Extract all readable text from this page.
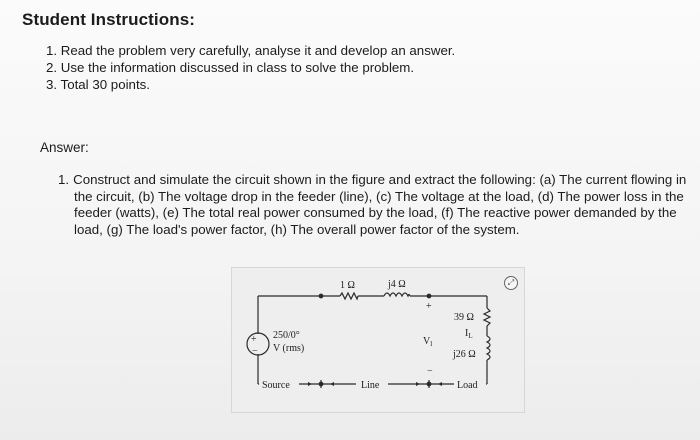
Student Instructions:
1. Read the problem very carefully, analyse it and develop an answer.
2. Use the information discussed in class to solve the problem.
3. Total 30 points.
Answer:
1. Construct and simulate the circuit shown in the figure and extract the following: (a) The current flowing in
the circuit, (b) The voltage drop in the feeder (line), (c) The voltage at the load, (d) The power loss in the
feeder (watts), (e) The total real power consumed by the load, (f) The reactive power demanded by the
load, (g) The load's power factor, (h) The overall power factor of the system.
+
−
250/0°
V (rms)
1 Ω	j4 Ω
+
$V_l$
−
39 Ω
$I_L$
j26 Ω
Source	Line	Load
⤢
